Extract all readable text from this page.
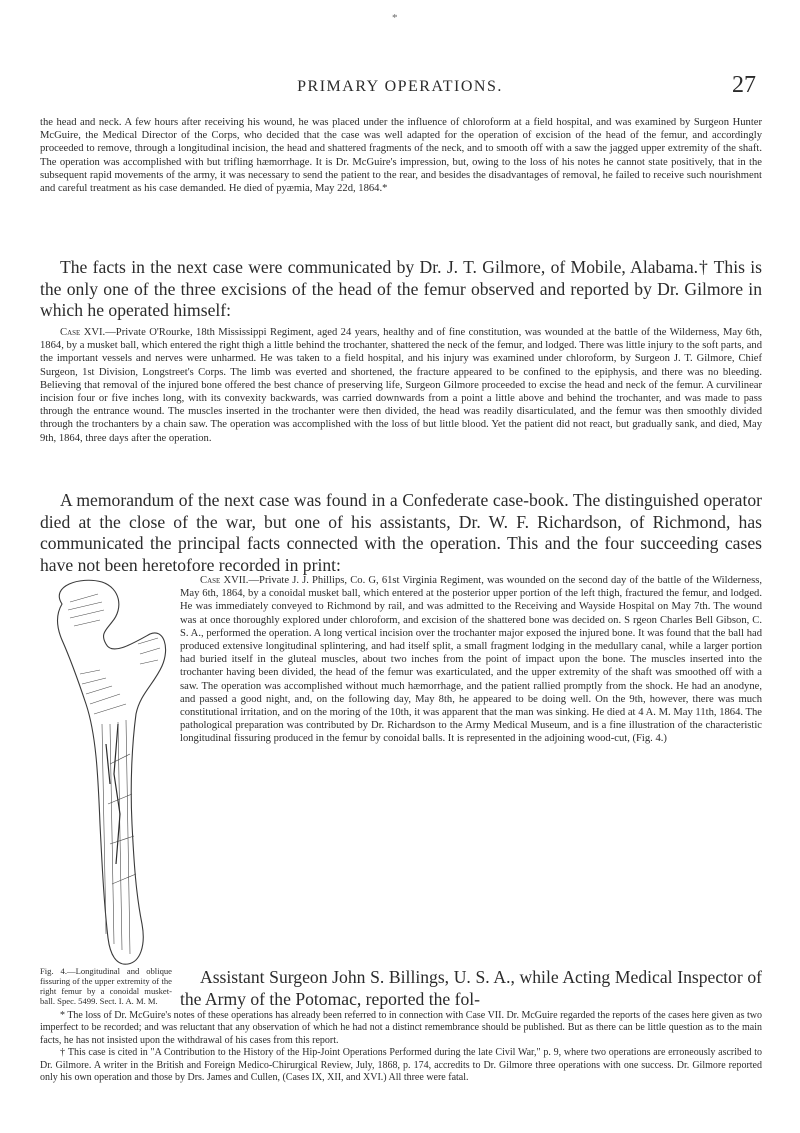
*
PRIMARY OPERATIONS.	27

the head and neck. A few hours after receiving his wound, he was placed under the influence of chloroform at a field hospital, and was examined by Surgeon Hunter McGuire, the Medical Director of the Corps, who decided that the case was well adapted for the operation of excision of the head of the femur, and accordingly proceeded to remove, through a longitudinal incision, the head and shattered fragments of the neck, and to smooth off with a saw the jagged upper extremity of the shaft. The operation was accomplished with but trifling hæmorrhage. It is Dr. McGuire's impression, but, owing to the loss of his notes he cannot state positively, that in the subsequent rapid movements of the army, it was necessary to send the patient to the rear, and besides the disadvantages of removal, he failed to receive such nourishment and careful treatment as his case demanded. He died of pyæmia, May 22d, 1864.*

The facts in the next case were communicated by Dr. J. T. Gilmore, of Mobile, Alabama.† This is the only one of the three excisions of the head of the femur observed and reported by Dr. Gilmore in which he operated himself:

Case XVI.—Private O'Rourke, 18th Mississippi Regiment, aged 24 years, healthy and of fine constitution, was wounded at the battle of the Wilderness, May 6th, 1864, by a musket ball, which entered the right thigh a little behind the trochanter, shattered the neck of the femur, and lodged. There was little injury to the soft parts, and the important vessels and nerves were unharmed. He was taken to a field hospital, and his injury was examined under chloroform, by Surgeon J. T. Gilmore, Chief Surgeon, 1st Division, Longstreet's Corps. The limb was everted and shortened, the fracture appeared to be confined to the epiphysis, and there was no bleeding. Believing that removal of the injured bone offered the best chance of preserving life, Surgeon Gilmore proceeded to excise the head and neck of the femur. A curvilinear incision four or five inches long, with its convexity backwards, was carried downwards from a point a little above and behind the trochanter, and was made to pass through the entrance wound. The muscles inserted in the trochanter were then divided, the head was readily disarticulated, and the femur was then smoothly divided through the trochanters by a chain saw. The operation was accomplished with the loss of but little blood. Yet the patient did not react, but gradually sank, and died, May 9th, 1864, three days after the operation.

A memorandum of the next case was found in a Confederate case-book. The distinguished operator died at the close of the war, but one of his assistants, Dr. W. F. Richardson, of Richmond, has communicated the principal facts connected with the operation. This and the four succeeding cases have not been heretofore recorded in print:

Fig. 4.—Longitudinal and oblique fissuring of the upper extremity of the right femur by a conoidal musket-ball. Spec. 5499. Sect. I. A. M. M.

Case XVII.—Private J. J. Phillips, Co. G, 61st Virginia Regiment, was wounded on the second day of the battle of the Wilderness, May 6th, 1864, by a conoidal musket ball, which entered at the posterior upper portion of the left thigh, fractured the femur, and lodged. He was immediately conveyed to Richmond by rail, and was admitted to the Receiving and Wayside Hospital on May 7th. The wound was at once thoroughly explored under chloroform, and excision of the shattered bone was decided on. S rgeon Charles Bell Gibson, C. S. A., performed the operation. A long vertical incision over the trochanter major exposed the injured bone. It was found that the ball had produced extensive longitudinal splintering, and had itself split, a small fragment lodging in the medullary canal, while a larger portion had buried itself in the gluteal muscles, about two inches from the point of impact upon the bone. The muscles inserted into the trochanter having been divided, the head of the femur was exarticulated, and the upper extremity of the shaft was smoothed off with a saw. The operation was accomplished without much hæmorrhage, and the patient rallied promptly from the shock. He had an anodyne, and passed a good night, and, on the following day, May 8th, he appeared to be doing well. On the 9th, however, there was much constitutional irritation, and on the moring of the 10th, it was apparent that the man was sinking. He died at 4 A. M. May 11th, 1864. The pathological preparation was contributed by Dr. Richardson to the Army Medical Museum, and is a fine illustration of the characteristic longitudinal fissuring produced in the femur by conoidal balls. It is represented in the adjoining wood-cut, (Fig. 4.)

Assistant Surgeon John S. Billings, U. S. A., while Acting Medical Inspector of the Army of the Potomac, reported the fol-

* The loss of Dr. McGuire's notes of these operations has already been referred to in connection with Case VII. Dr. McGuire regarded the reports of the cases here given as two imperfect to be recorded; and was reluctant that any observation of which he had not a distinct remembrance should be published. But as there can be little question as to the main facts, he has not insisted upon the withdrawal of his cases from this report.

† This case is cited in "A Contribution to the History of the Hip-Joint Operations Performed during the late Civil War," p. 9, where two operations are erroneously ascribed to Dr. Gilmore. A writer in the British and Foreign Medico-Chirurgical Review, July, 1868, p. 174, accredits to Dr. Gilmore three operations with one success. Dr. Gilmore reported only his own operation and those by Drs. James and Cullen, (Cases IX, XII, and XVI.) All three were fatal.
